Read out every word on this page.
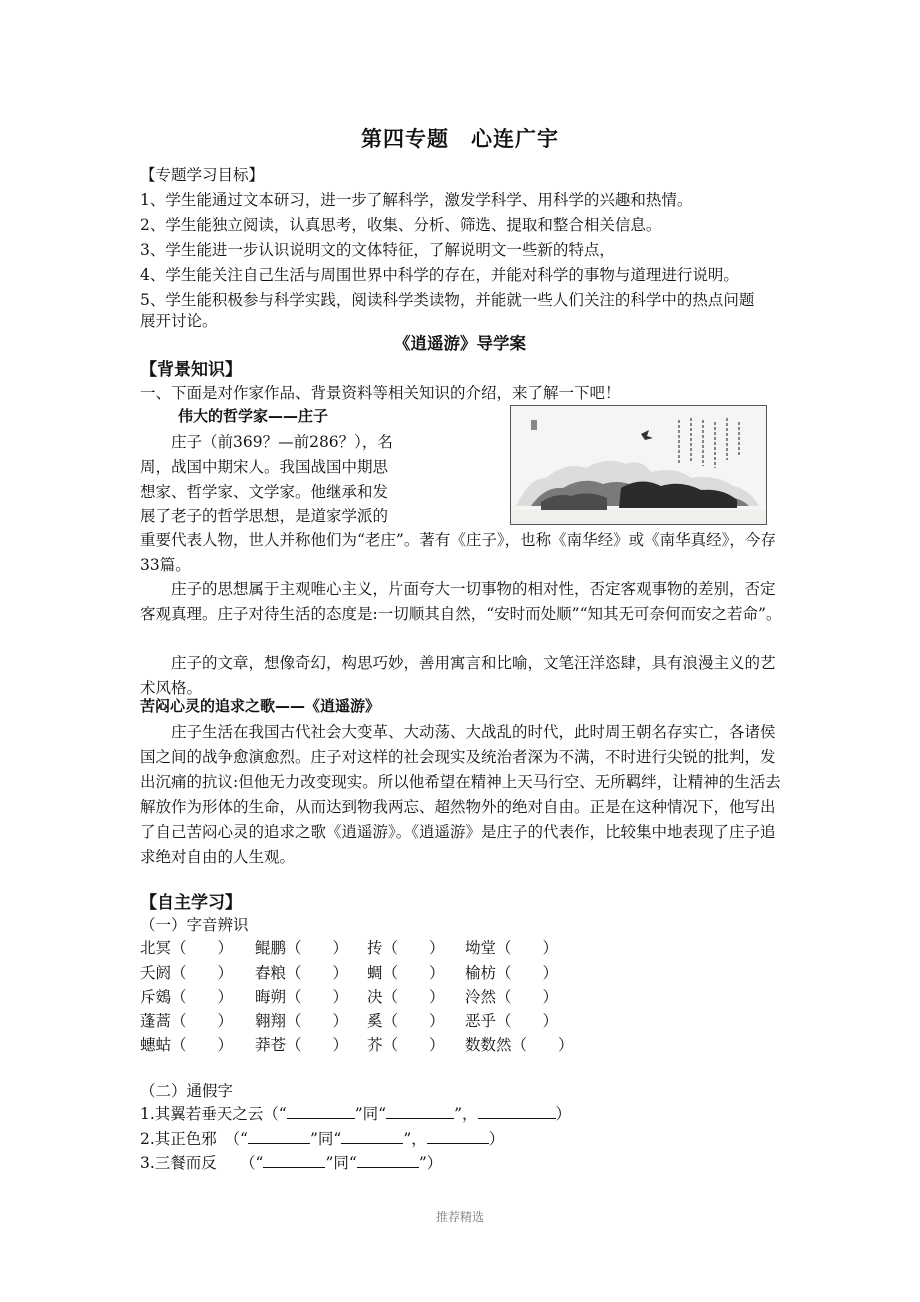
第四专题　心连广宇
【专题学习目标】
1、学生能通过文本研习，进一步了解科学，激发学科学、用科学的兴趣和热情。
2、学生能独立阅读，认真思考，收集、分析、筛选、提取和整合相关信息。
3、学生能进一步认识说明文的文体特征，了解说明文一些新的特点，
4、学生能关注自己生活与周围世界中科学的存在，并能对科学的事物与道理进行说明。
5、学生能积极参与科学实践，阅读科学类读物，并能就一些人们关注的科学中的热点问题
展开讨论。
《逍遥游》导学案
【背景知识】
一、下面是对作家作品、背景资料等相关知识的介绍，来了解一下吧！
伟大的哲学家——庄子
庄子（前369？—前286？），名
周，战国中期宋人。我国战国中期思
想家、哲学家、文学家。他继承和发
展了老子的哲学思想，是道家学派的
重要代表人物，世人并称他们为“老庄”。著有《庄子》，也称《南华经》或《南华真经》，今存33篇。
庄子的思想属于主观唯心主义，片面夸大一切事物的相对性，否定客观事物的差别，否定客观真理。庄子对待生活的态度是:一切顺其自然，“安时而处顺”“知其无可奈何而安之若命”。
庄子的文章，想像奇幻，构思巧妙，善用寓言和比喻，文笔汪洋恣肆，具有浪漫主义的艺术风格。
苦闷心灵的追求之歌——《逍遥游》
庄子生活在我国古代社会大变革、大动荡、大战乱的时代，此时周王朝名存实亡，各诸侯国之间的战争愈演愈烈。庄子对这样的社会现实及统治者深为不满，不时进行尖锐的批判，发出沉痛的抗议:但他无力改变现实。所以他希望在精神上天马行空、无所羁绊，让精神的生活去解放作为形体的生命，从而达到物我两忘、超然物外的绝对自由。正是在这种情况下，他写出了自己苦闷心灵的追求之歌《逍遥游》。《逍遥游》是庄子的代表作，比较集中地表现了庄子追求绝对自由的人生观。
【自主学习】
（一）字音辨识
北冥（　　） 鲲鹏（　　） 抟（　　） 坳堂（　　）
夭阏（　　） 舂粮（　　） 蜩（　　） 榆枋（　　）
斥鴳（　　） 晦朔（　　） 决（　　） 泠然（　　）
蓬蒿（　　） 翱翔（　　） 奚（　　） 恶乎（　　）
蟪蛄（　　） 莽苍（　　） 芥（　　） 数数然（　　）
（二）通假字
1.其翼若垂天之云（“	”同“	”，	）
2.其正色邪　（“	”同“	”，	）
3.三餐而反　　（“	”同“	”）
推荐精选
